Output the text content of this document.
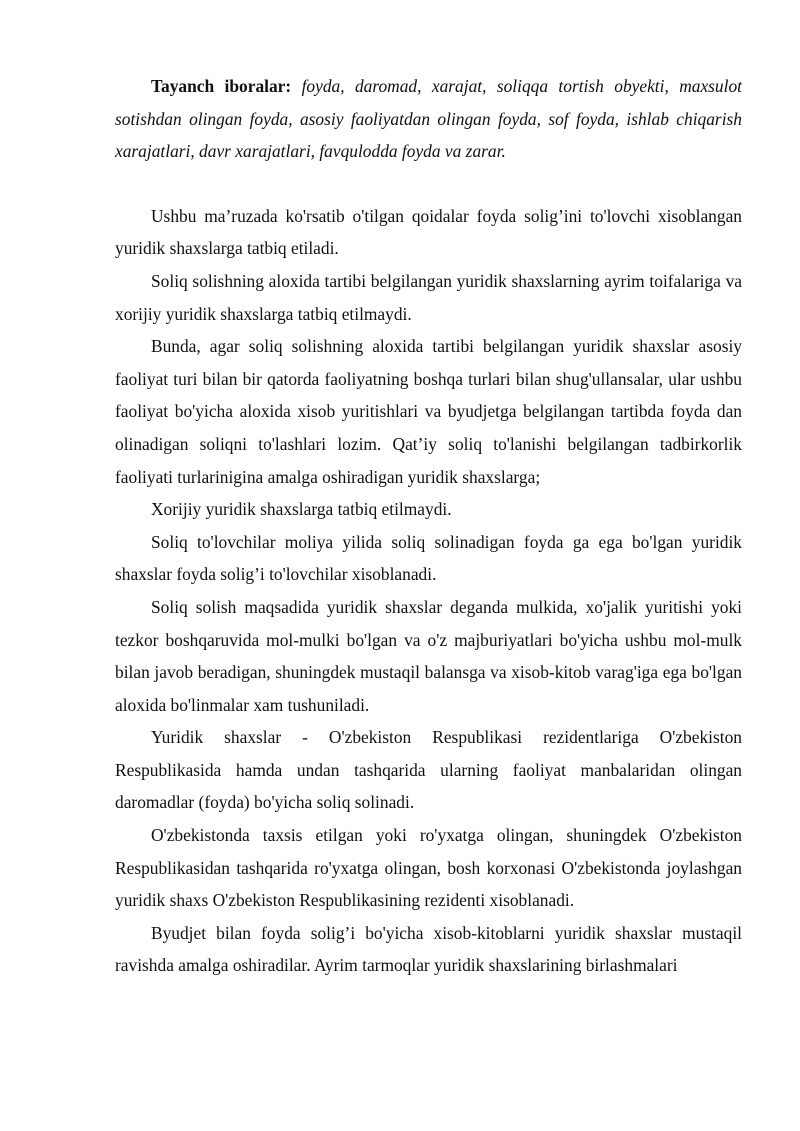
Tayanch iboralar: foyda, daromad, xarajat, soliqqa tortish obyekti, maxsulot sotishdan olingan foyda, asosiy faoliyatdan olingan foyda, sof foyda, ishlab chiqarish xarajatlari, davr xarajatlari, favqulodda foyda va zarar.

Ushbu ma’ruzada ko'rsatib o'tilgan qoidalar foyda solig’ini to'lovchi xisoblangan yuridik shaxslarga tatbiq etiladi.

Soliq solishning aloxida tartibi belgilangan yuridik shaxslarning ayrim toifalariga va xorijiy yuridik shaxslarga tatbiq etilmaydi.

Bunda, agar soliq solishning aloxida tartibi belgilangan yuridik shaxslar asosiy faoliyat turi bilan bir qatorda faoliyatning boshqa turlari bilan shug'ullansalar, ular ushbu faoliyat bo'yicha aloxida xisob yuritishlari va byudjetga belgilangan tartibda foyda dan olinadigan soliqni to'lashlari lozim. Qat’iy soliq to'lanishi belgilangan tadbirkorlik faoliyati turlarinigina amalga oshiradigan yuridik shaxslarga;

Xorijiy yuridik shaxslarga tatbiq etilmaydi.

Soliq to'lovchilar moliya yilida soliq solinadigan foyda ga ega bo'lgan yuridik shaxslar foyda solig’i to'lovchilar xisoblanadi.

Soliq solish maqsadida yuridik shaxslar deganda mulkida, xo'jalik yuritishi yoki tezkor boshqaruvida mol-mulki bo'lgan va o'z majburiyatlari bo'yicha ushbu mol-mulk bilan javob beradigan, shuningdek mustaqil balansga va xisob-kitob varag'iga ega bo'lgan aloxida bo'linmalar xam tushuniladi.

Yuridik shaxslar - O'zbekiston Respublikasi rezidentlariga O'zbekiston Respublikasida hamda undan tashqarida ularning faoliyat manbalaridan olingan daromadlar (foyda) bo'yicha soliq solinadi.

O'zbekistonda taxsis etilgan yoki ro'yxatga olingan, shuningdek O'zbekiston Respublikasidan tashqarida ro'yxatga olingan, bosh korxonasi O'zbekistonda joylashgan yuridik shaxs O'zbekiston Respublikasining rezidenti xisoblanadi.

Byudjet bilan foyda solig’i bo'yicha xisob-kitoblarni yuridik shaxslar mustaqil ravishda amalga oshiradilar. Ayrim tarmoqlar yuridik shaxslarining birlashmalari
